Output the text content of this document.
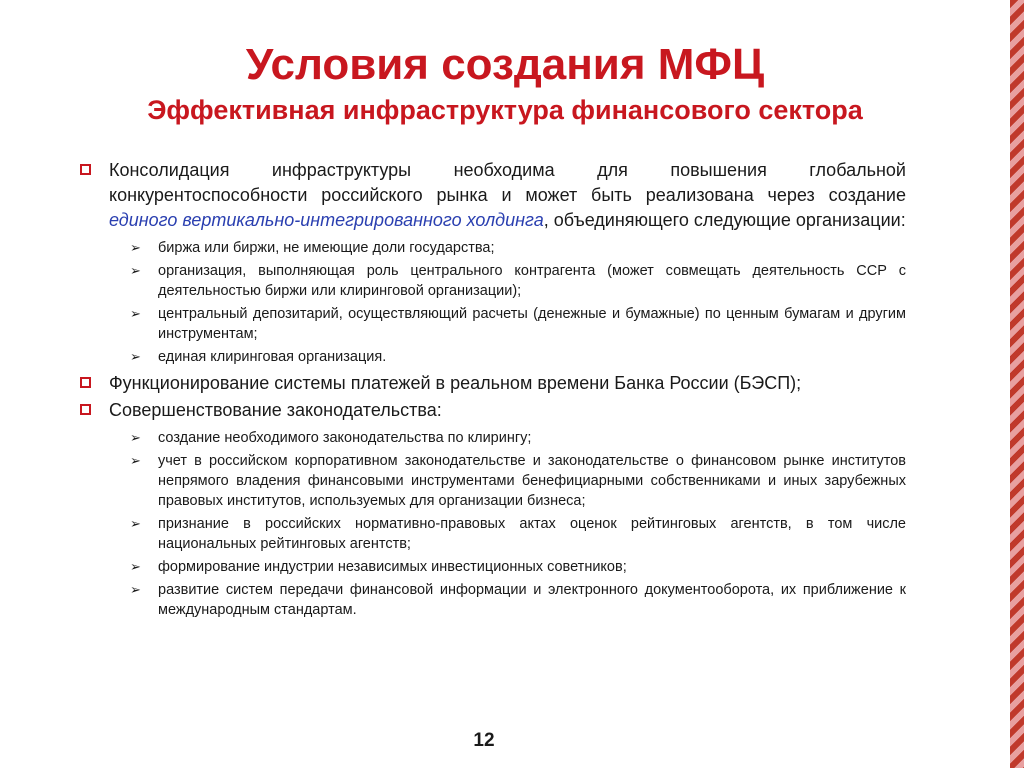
Условия создания МФЦ
Эффективная инфраструктура финансового сектора
Консолидация инфраструктуры необходима для повышения глобальной конкурентоспособности российского рынка и может быть реализована через создание единого вертикально-интегрированного холдинга, объединяющего следующие организации:
➢ биржа или биржи, не имеющие доли государства;
➢ организация, выполняющая роль центрального контрагента (может совмещать деятельность ССР с деятельностью биржи или клиринговой организации);
➢ центральный депозитарий, осуществляющий расчеты (денежные и бумажные) по ценным бумагам и другим инструментам;
➢ единая клиринговая организация.
Функционирование системы платежей в реальном времени Банка России (БЭСП);
Совершенствование законодательства:
➢ создание необходимого законодательства по клирингу;
➢ учет в российском корпоративном законодательстве и законодательстве о финансовом рынке институтов непрямого владения финансовыми инструментами бенефициарными собственниками и иных зарубежных правовых институтов, используемых для организации бизнеса;
➢ признание в российских нормативно-правовых актах оценок рейтинговых агентств, в том числе национальных рейтинговых агентств;
➢ формирование индустрии независимых инвестиционных советников;
➢ развитие систем передачи финансовой информации и электронного документооборота, их приближение к международным стандартам.
12
